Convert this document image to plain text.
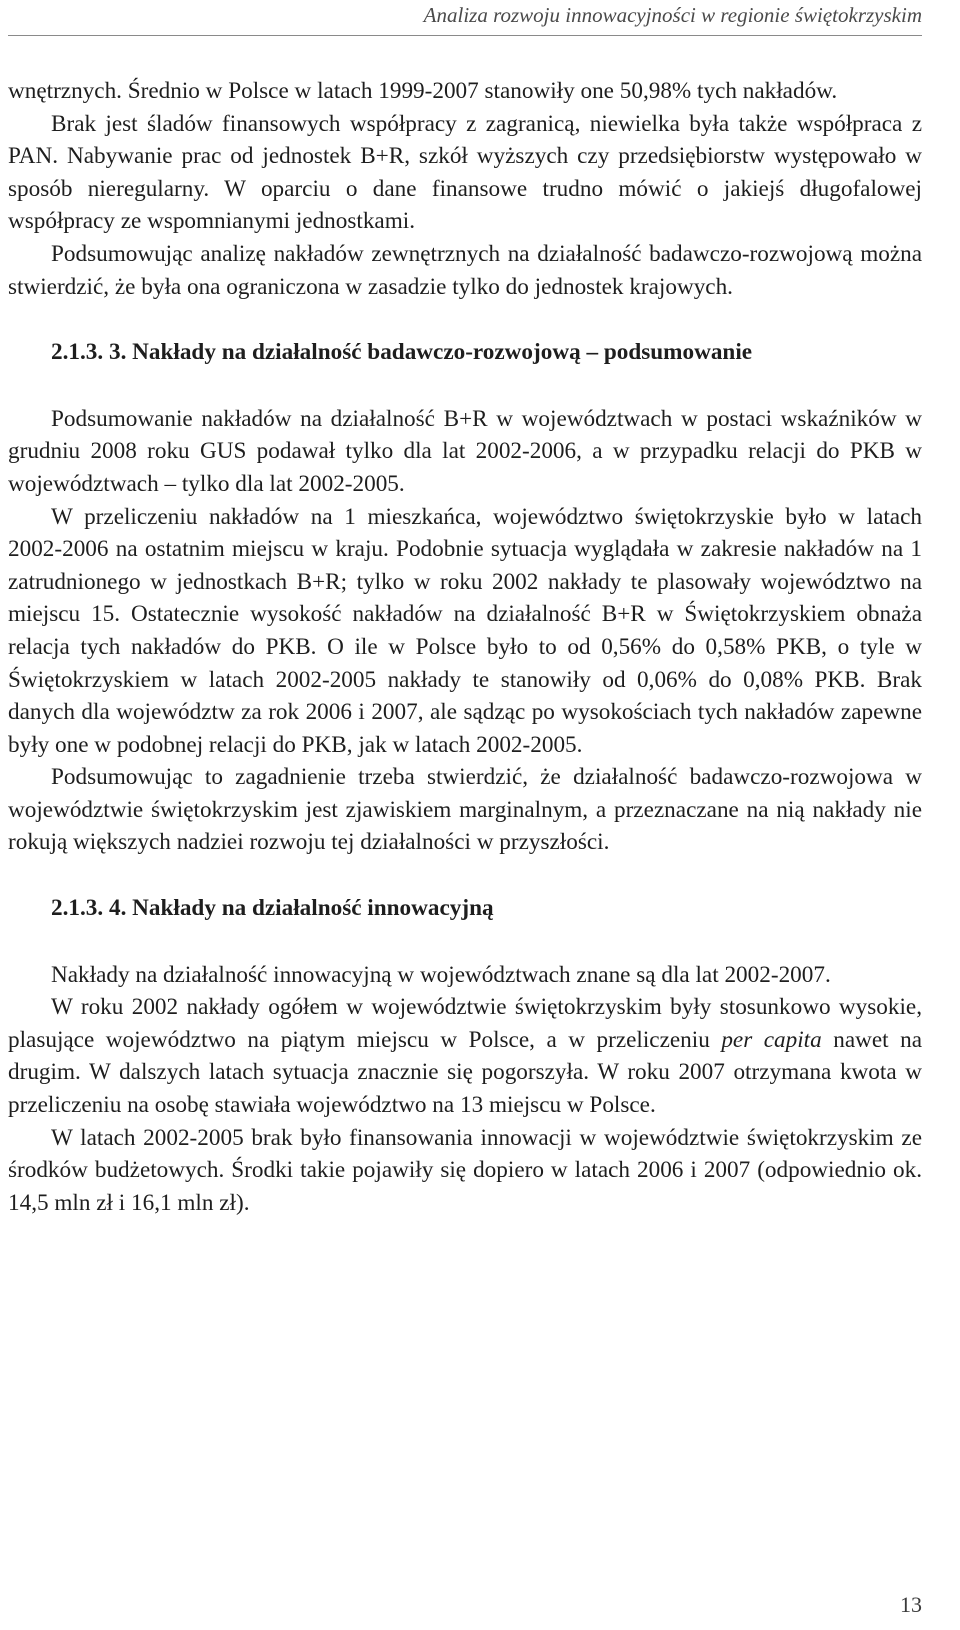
Analiza rozwoju innowacyjności w regionie świętokrzyskim

wnętrznych. Średnio w Polsce w latach 1999-2007 stanowiły one 50,98% tych nakładów.

Brak jest śladów finansowych współpracy z zagranicą, niewielka była także współpraca z PAN. Nabywanie prac od jednostek B+R, szkół wyższych czy przedsiębiorstw występowało w sposób nieregularny. W oparciu o dane finansowe trudno mówić o jakiejś długofalowej współpracy ze wspomnianymi jednostkami.

Podsumowując analizę nakładów zewnętrznych na działalność badawczo-rozwojową można stwierdzić, że była ona ograniczona w zasadzie tylko do jednostek krajowych.

2.1.3. 3. Nakłady na działalność badawczo-rozwojową – podsumowanie

Podsumowanie nakładów na działalność B+R w województwach w postaci wskaźników w grudniu 2008 roku GUS podawał tylko dla lat 2002-2006, a w przypadku relacji do PKB w województwach – tylko dla lat 2002-2005.

W przeliczeniu nakładów na 1 mieszkańca, województwo świętokrzyskie było w latach 2002-2006 na ostatnim miejscu w kraju. Podobnie sytuacja wyglądała w zakresie nakładów na 1 zatrudnionego w jednostkach B+R; tylko w roku 2002 nakłady te plasowały województwo na miejscu 15. Ostatecznie wysokość nakładów na działalność B+R w Świętokrzyskiem obnaża relacja tych nakładów do PKB. O ile w Polsce było to od 0,56% do 0,58% PKB, o tyle w Świętokrzyskiem w latach 2002-2005 nakłady te stanowiły od 0,06% do 0,08% PKB. Brak danych dla województw za rok 2006 i 2007, ale sądząc po wysokościach tych nakładów zapewne były one w podobnej relacji do PKB, jak w latach 2002-2005.

Podsumowując to zagadnienie trzeba stwierdzić, że działalność badawczo-rozwojowa w województwie świętokrzyskim jest zjawiskiem marginalnym, a przeznaczane na nią nakłady nie rokują większych nadziei rozwoju tej działalności w przyszłości.

2.1.3. 4. Nakłady na działalność innowacyjną

Nakłady na działalność innowacyjną w województwach znane są dla lat 2002-2007.

W roku 2002 nakłady ogółem w województwie świętokrzyskim były stosunkowo wysokie, plasujące województwo na piątym miejscu w Polsce, a w przeliczeniu per capita nawet na drugim. W dalszych latach sytuacja znacznie się pogorszyła. W roku 2007 otrzymana kwota w przeliczeniu na osobę stawiała województwo na 13 miejscu w Polsce.

W latach 2002-2005 brak było finansowania innowacji w województwie świętokrzyskim ze środków budżetowych. Środki takie pojawiły się dopiero w latach 2006 i 2007 (odpowiednio ok. 14,5 mln zł i 16,1 mln zł).

13
